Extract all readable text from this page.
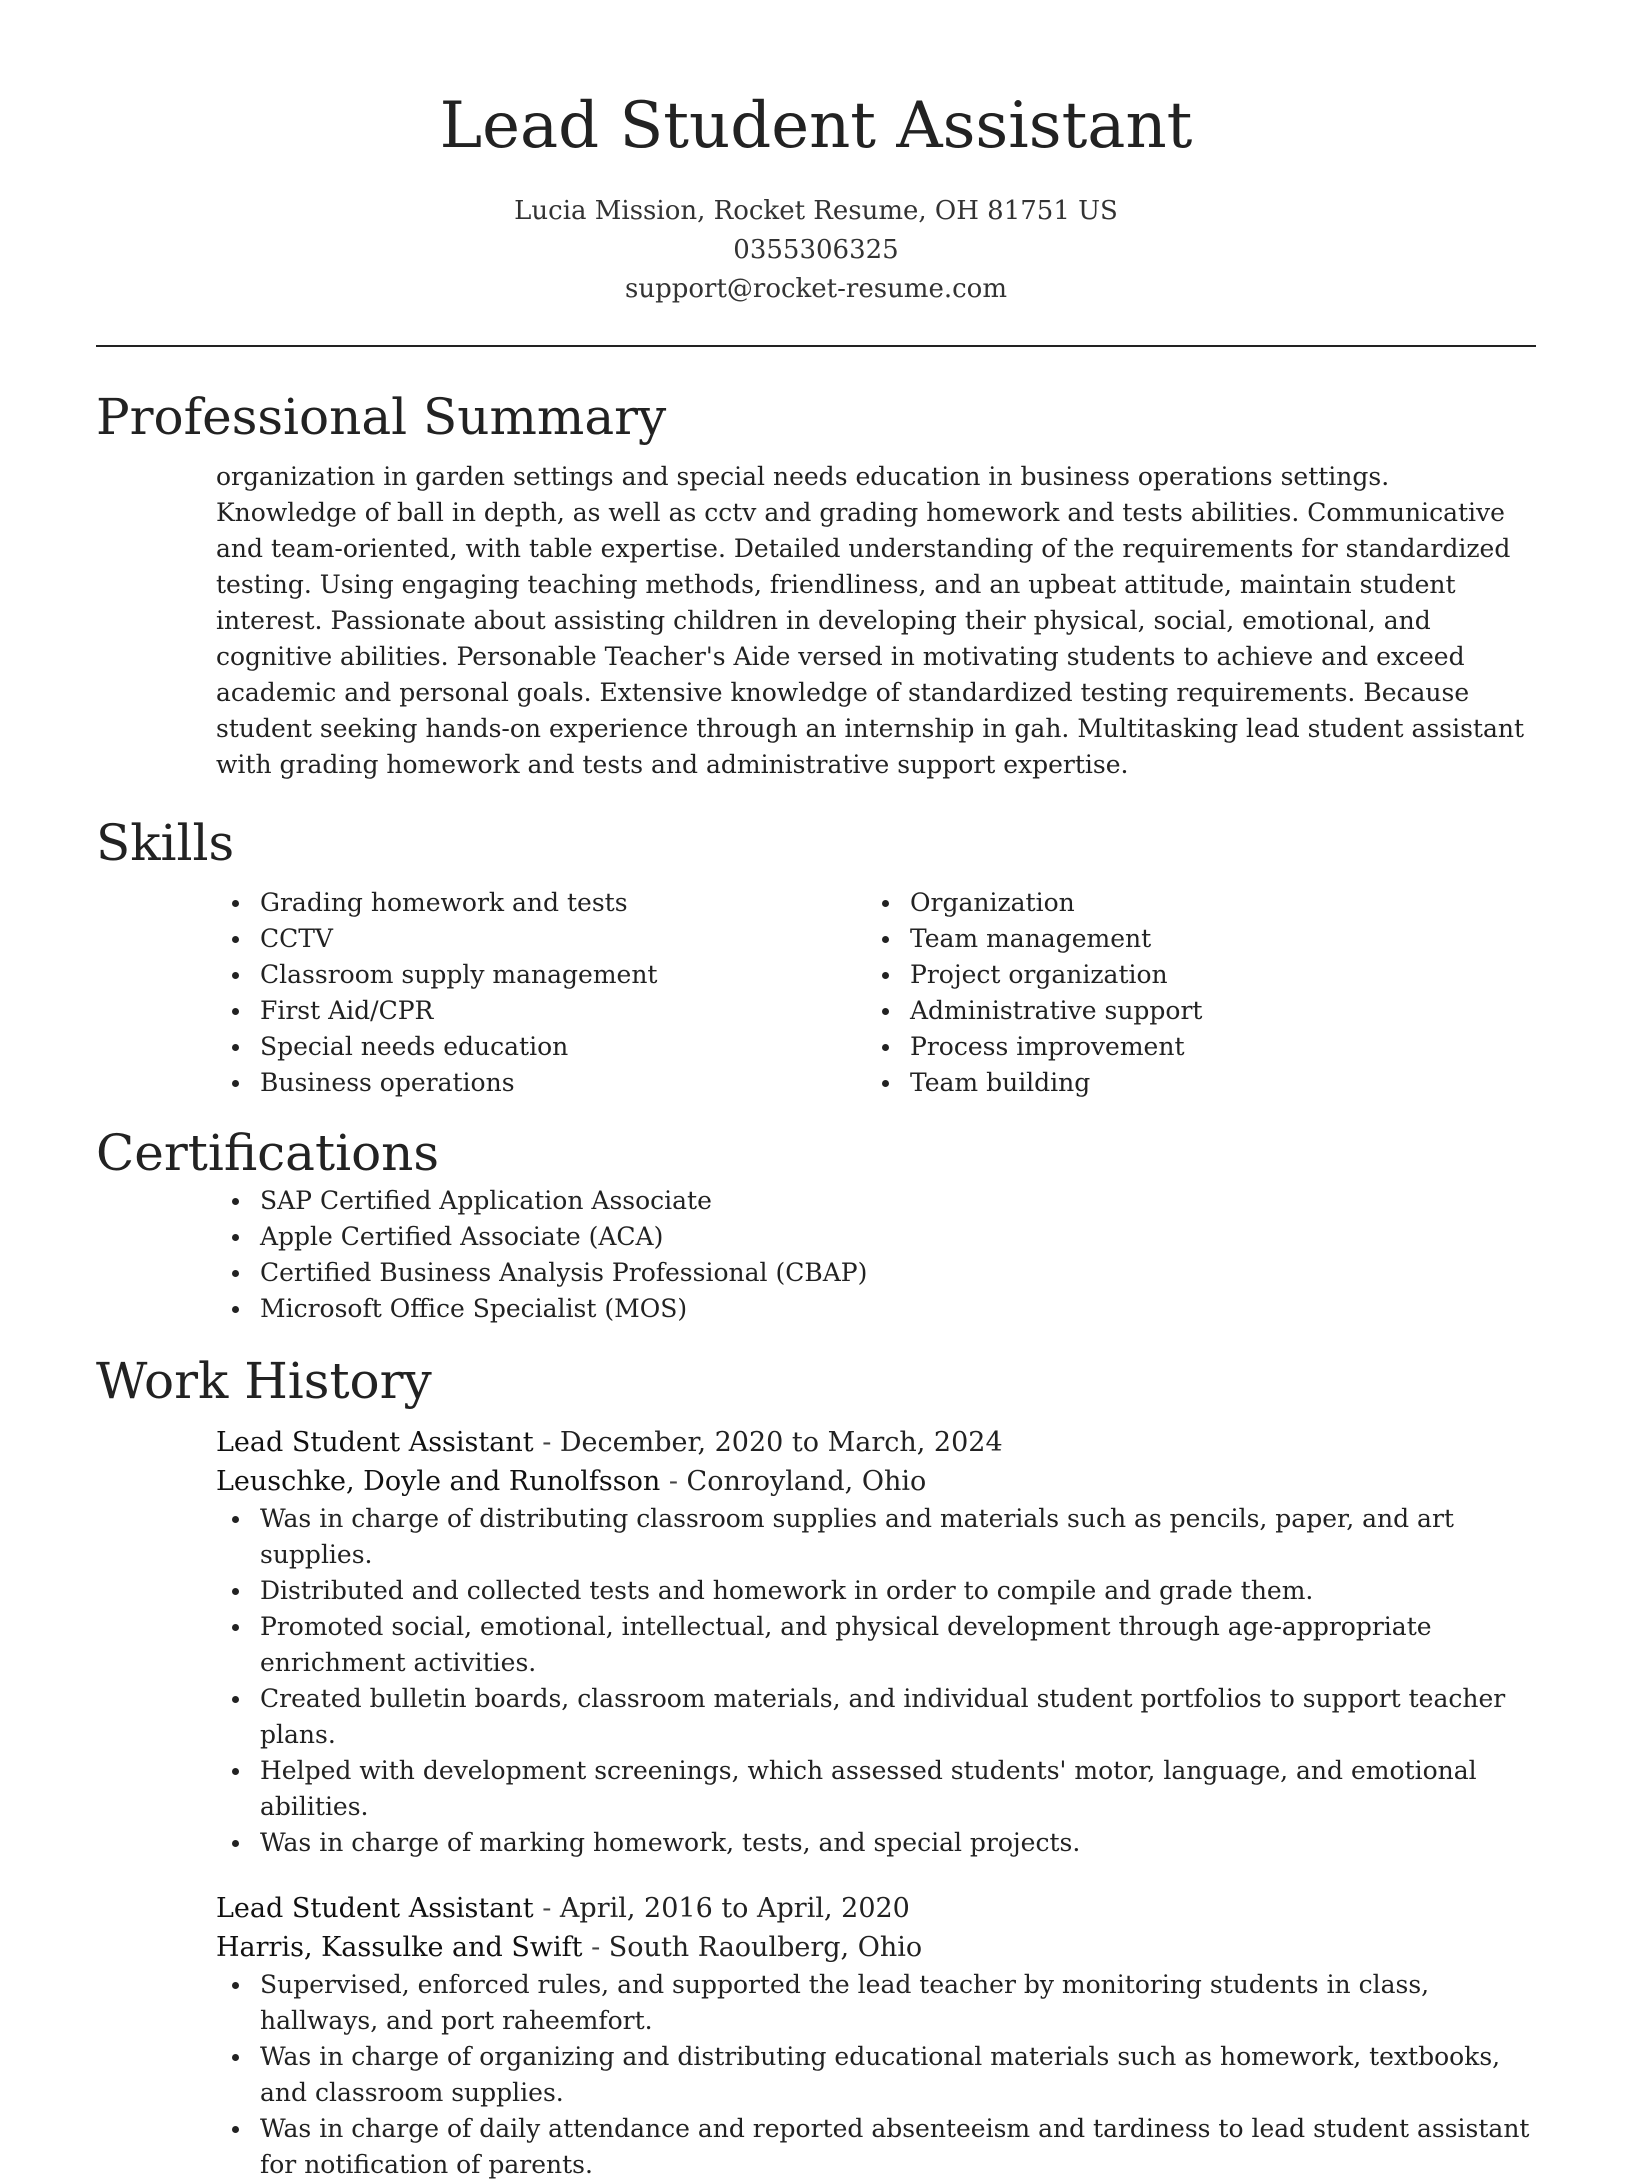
Lead Student Assistant
Lucia Mission, Rocket Resume, OH 81751 US
0355306325
support@rocket-resume.com
Professional Summary

organization in garden settings and special needs education in business operations settings. Knowledge of ball in depth, as well as cctv and grading homework and tests abilities. Communicative and team-oriented, with table expertise. Detailed understanding of the requirements for standardized testing. Using engaging teaching methods, friendliness, and an upbeat attitude, maintain student interest. Passionate about assisting children in developing their physical, social, emotional, and cognitive abilities. Personable Teacher's Aide versed in motivating students to achieve and exceed academic and personal goals. Extensive knowledge of standardized testing requirements. Because student seeking hands-on experience through an internship in gah. Multitasking lead student assistant with grading homework and tests and administrative support expertise.

Skills
Grading homework and tests
CCTV
Classroom supply management
First Aid/CPR
Special needs education
Business operations
Organization
Team management
Project organization
Administrative support
Process improvement
Team building
Certifications
SAP Certified Application Associate
Apple Certified Associate (ACA)
Certified Business Analysis Professional (CBAP)
Microsoft Office Specialist (MOS)
Work History
Lead Student Assistant - December, 2020 to March, 2024
Leuschke, Doyle and Runolfsson - Conroyland, Ohio
Was in charge of distributing classroom supplies and materials such as pencils, paper, and art supplies.
Distributed and collected tests and homework in order to compile and grade them.
Promoted social, emotional, intellectual, and physical development through age-appropriate enrichment activities.
Created bulletin boards, classroom materials, and individual student portfolios to support teacher plans.
Helped with development screenings, which assessed students' motor, language, and emotional abilities.
Was in charge of marking homework, tests, and special projects.
Lead Student Assistant - April, 2016 to April, 2020
Harris, Kassulke and Swift - South Raoulberg, Ohio
Supervised, enforced rules, and supported the lead teacher by monitoring students in class, hallways, and port raheemfort.
Was in charge of organizing and distributing educational materials such as homework, textbooks, and classroom supplies.
Was in charge of daily attendance and reported absenteeism and tardiness to lead student assistant for notification of parents.
